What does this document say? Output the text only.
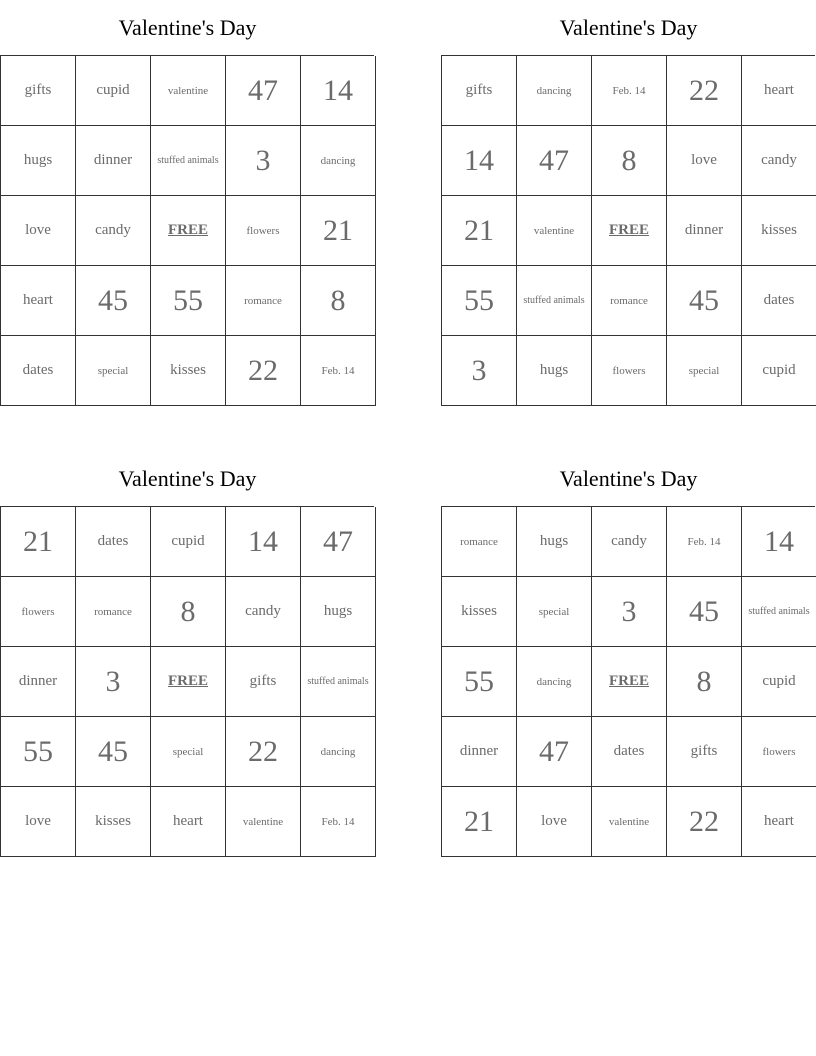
Valentine's Day
gifts	cupid	valentine	47	14
hugs	dinner	stuffed animals	3	dancing
love	candy	FREE	flowers	21
heart	45	55	romance	8
dates	special	kisses	22	Feb. 14
Valentine's Day
gifts	dancing	Feb. 14	22	heart
14	47	8	love	candy
21	valentine	FREE	dinner	kisses
55	stuffed animals	romance	45	dates
3	hugs	flowers	special	cupid
Valentine's Day
21	dates	cupid	14	47
flowers	romance	8	candy	hugs
dinner	3	FREE	gifts	stuffed animals
55	45	special	22	dancing
love	kisses	heart	valentine	Feb. 14
Valentine's Day
romance	hugs	candy	Feb. 14	14
kisses	special	3	45	stuffed animals
55	dancing	FREE	8	cupid
dinner	47	dates	gifts	flowers
21	love	valentine	22	heart
